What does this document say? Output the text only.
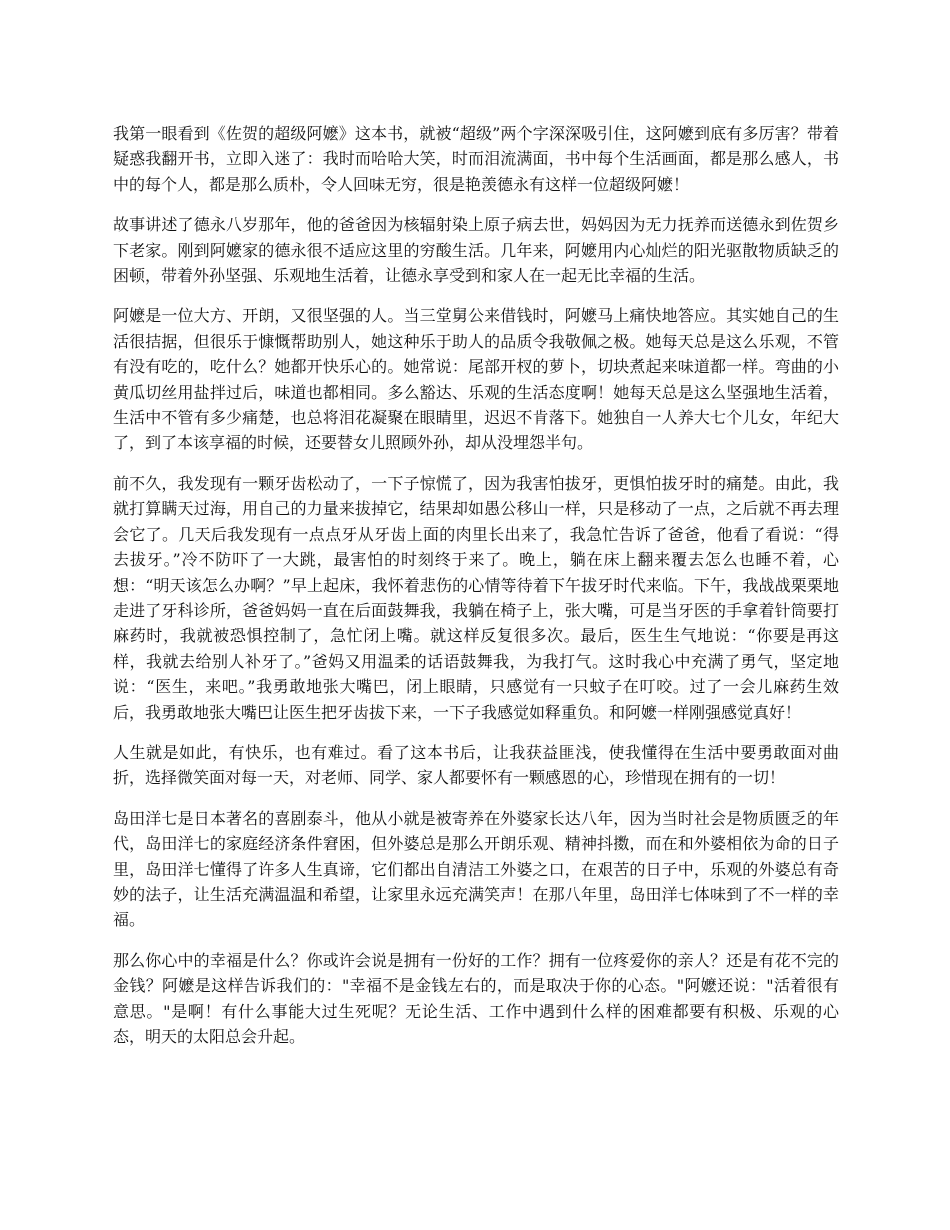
我第一眼看到《佐贺的超级阿嬷》这本书，就被“超级”两个字深深吸引住，这阿嬷到底有多厉害？带着疑惑我翻开书，立即入迷了：我时而哈哈大笑，时而泪流满面，书中每个生活画面，都是那么感人，书中的每个人，都是那么质朴，令人回味无穷，很是艳羡德永有这样一位超级阿嬷！

故事讲述了德永八岁那年，他的爸爸因为核辐射染上原子病去世，妈妈因为无力抚养而送德永到佐贺乡下老家。刚到阿嬷家的德永很不适应这里的穷酸生活。几年来，阿嬷用内心灿烂的阳光驱散物质缺乏的困顿，带着外孙坚强、乐观地生活着，让德永享受到和家人在一起无比幸福的生活。

阿嬷是一位大方、开朗，又很坚强的人。当三堂舅公来借钱时，阿嬷马上痛快地答应。其实她自己的生活很拮据，但很乐于慷慨帮助别人，她这种乐于助人的品质令我敬佩之极。她每天总是这么乐观，不管有没有吃的，吃什么？她都开快乐心的。她常说：尾部开杈的萝卜，切块煮起来味道都一样。弯曲的小黄瓜切丝用盐拌过后，味道也都相同。多么豁达、乐观的生活态度啊！她每天总是这么坚强地生活着，生活中不管有多少痛楚，也总将泪花凝聚在眼睛里，迟迟不肯落下。她独自一人养大七个儿女，年纪大了，到了本该享福的时候，还要替女儿照顾外孙，却从没埋怨半句。

前不久，我发现有一颗牙齿松动了，一下子惊慌了，因为我害怕拔牙，更惧怕拔牙时的痛楚。由此，我就打算瞒天过海，用自己的力量来拔掉它，结果却如愚公移山一样，只是移动了一点，之后就不再去理会它了。几天后我发现有一点点牙从牙齿上面的肉里长出来了，我急忙告诉了爸爸，他看了看说：“得去拔牙。”冷不防吓了一大跳，最害怕的时刻终于来了。晚上，躺在床上翻来覆去怎么也睡不着，心想：“明天该怎么办啊？”早上起床，我怀着悲伤的心情等待着下午拔牙时代来临。下午，我战战栗栗地走进了牙科诊所，爸爸妈妈一直在后面鼓舞我，我躺在椅子上，张大嘴，可是当牙医的手拿着针筒要打麻药时，我就被恐惧控制了，急忙闭上嘴。就这样反复很多次。最后，医生生气地说：“你要是再这样，我就去给别人补牙了。”爸妈又用温柔的话语鼓舞我，为我打气。这时我心中充满了勇气，坚定地说：“医生，来吧。”我勇敢地张大嘴巴，闭上眼睛，只感觉有一只蚊子在叮咬。过了一会儿麻药生效后，我勇敢地张大嘴巴让医生把牙齿拔下来，一下子我感觉如释重负。和阿嬷一样刚强感觉真好！

人生就是如此，有快乐，也有难过。看了这本书后，让我获益匪浅，使我懂得在生活中要勇敢面对曲折，选择微笑面对每一天，对老师、同学、家人都要怀有一颗感恩的心，珍惜现在拥有的一切！

岛田洋七是日本著名的喜剧泰斗，他从小就是被寄养在外婆家长达八年，因为当时社会是物质匮乏的年代，岛田洋七的家庭经济条件窘困，但外婆总是那么开朗乐观、精神抖擞，而在和外婆相依为命的日子里，岛田洋七懂得了许多人生真谛，它们都出自清洁工外婆之口，在艰苦的日子中，乐观的外婆总有奇妙的法子，让生活充满温温和希望，让家里永远充满笑声！在那八年里，岛田洋七体味到了不一样的幸福。

那么你心中的幸福是什么？你或许会说是拥有一份好的工作？拥有一位疼爱你的亲人？还是有花不完的金钱？阿嬷是这样告诉我们的："幸福不是金钱左右的，而是取决于你的心态。"阿嬷还说："活着很有意思。"是啊！有什么事能大过生死呢？无论生活、工作中遇到什么样的困难都要有积极、乐观的心态，明天的太阳总会升起。
